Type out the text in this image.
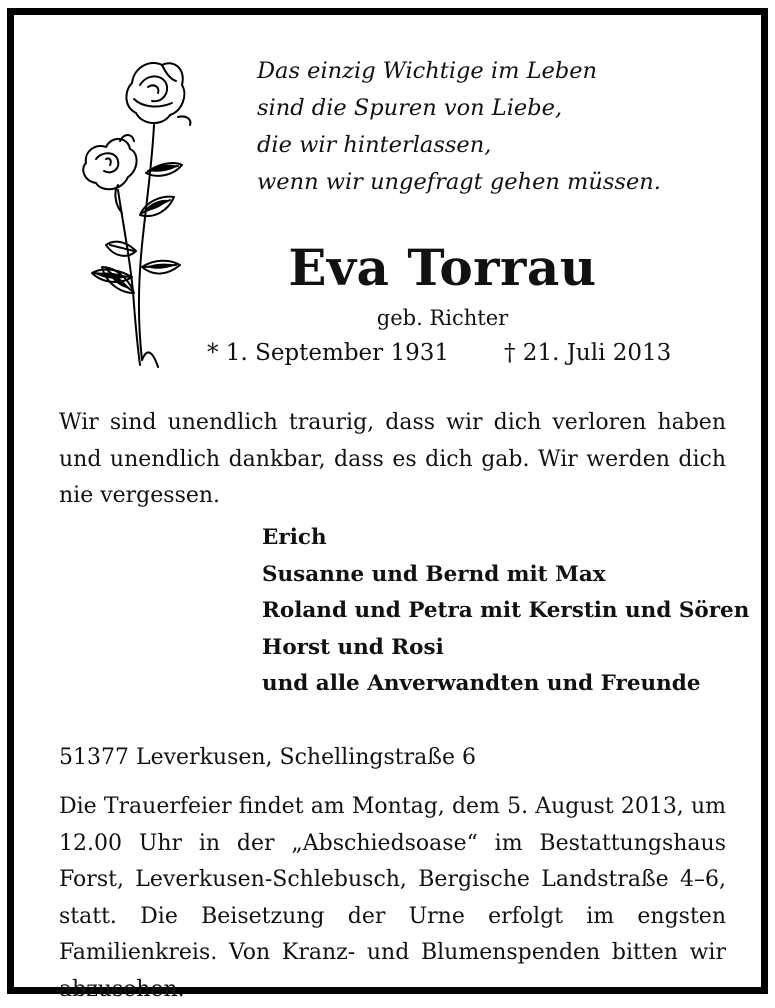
Das einzig Wichtige im Leben
sind die Spuren von Liebe,
die wir hinterlassen,
wenn wir ungefragt gehen müssen.
Eva Torrau
geb. Richter
* 1. September 1931 † 21. Juli 2013
Wir sind unendlich traurig, dass wir dich verloren haben und unendlich dankbar, dass es dich gab. Wir werden dich nie vergessen.
Erich
Susanne und Bernd mit Max
Roland und Petra mit Kerstin und Sören
Horst und Rosi
und alle Anverwandten und Freunde
51377 Leverkusen, Schellingstraße 6
Die Trauerfeier findet am Montag, dem 5. August 2013, um 12.00 Uhr in der „Abschiedsoase“ im Bestattungshaus Forst, Leverkusen-Schlebusch, Bergische Landstraße 4–6, statt. Die Beisetzung der Urne erfolgt im engsten Familienkreis. Von Kranz- und Blumenspenden bitten wir abzusehen.
